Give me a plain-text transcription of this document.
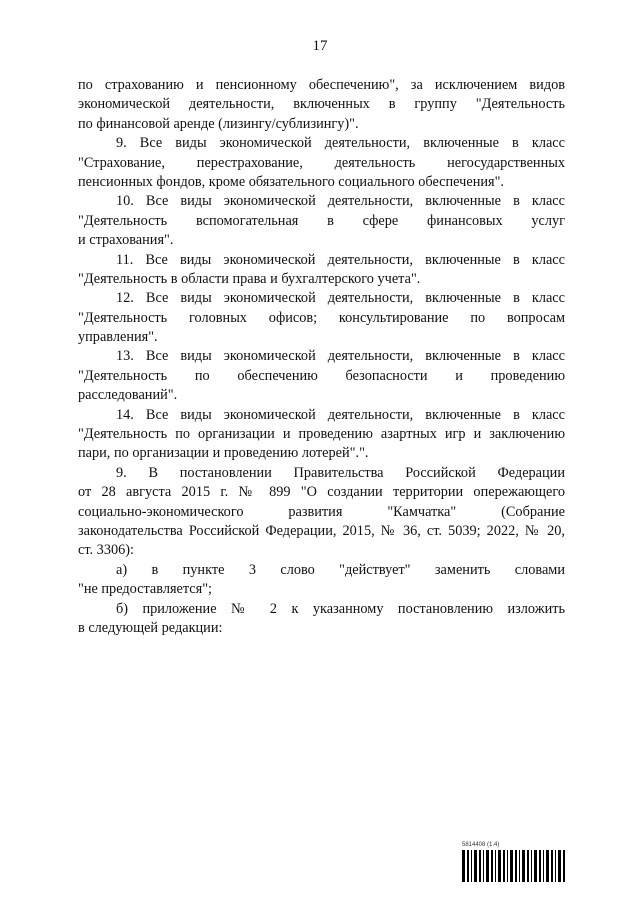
17
по страхованию и пенсионному обеспечению", за исключением видов
экономической деятельности, включенных в группу "Деятельность
по финансовой аренде (лизингу/сублизингу)".
9. Все виды экономической деятельности, включенные в класс
"Страхование, перестрахование, деятельность негосударственных
пенсионных фондов, кроме обязательного социального обеспечения".
10. Все виды экономической деятельности, включенные в класс
"Деятельность вспомогательная в сфере финансовых услуг
и страхования".
11. Все виды экономической деятельности, включенные в класс
"Деятельность в области права и бухгалтерского учета".
12. Все виды экономической деятельности, включенные в класс
"Деятельность головных офисов; консультирование по вопросам
управления".
13. Все виды экономической деятельности, включенные в класс
"Деятельность по обеспечению безопасности и проведению
расследований".
14. Все виды экономической деятельности, включенные в класс
"Деятельность по организации и проведению азартных игр и заключению
пари, по организации и проведению лотерей".".
9. В постановлении Правительства Российской Федерации
от 28 августа 2015 г. № 899 "О создании территории опережающего
социально-экономического развития "Камчатка" (Собрание
законодательства Российской Федерации, 2015, № 36, ст. 5039; 2022, № 20,
ст. 3306):
а) в пункте 3 слово "действует" заменить словами
"не предоставляется";
б) приложение № 2 к указанному постановлению изложить
в следующей редакции:
5814408 (1.4)
